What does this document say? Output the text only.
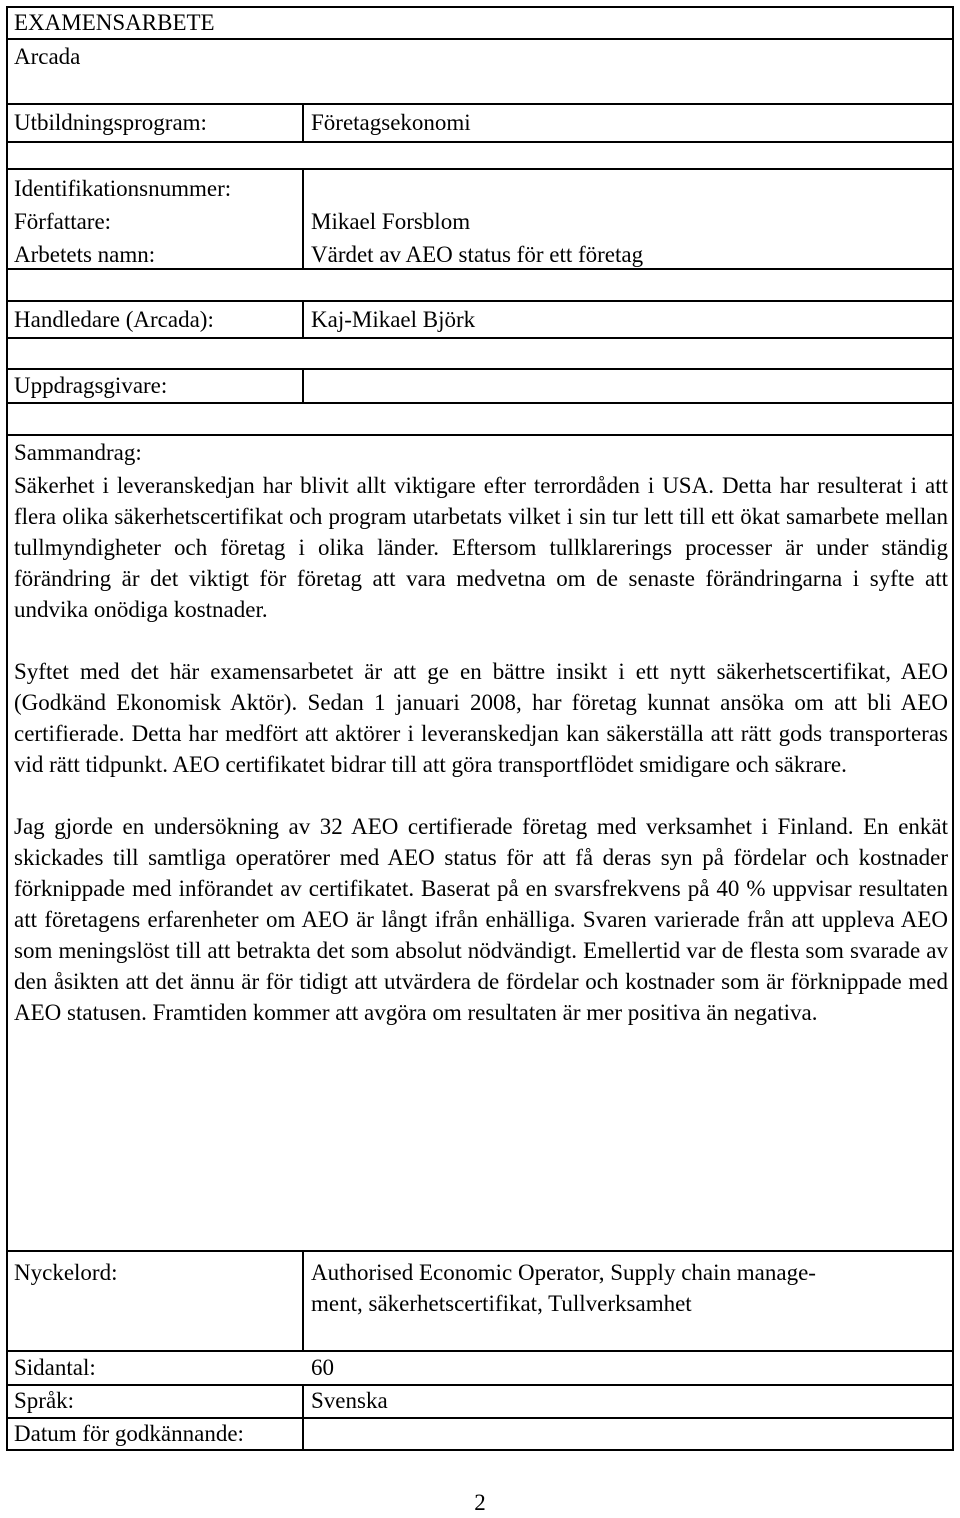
EXAMENSARBETE
Arcada
Utbildningsprogram:	Företagsekonomi
Identifikationsnummer:
Författare:	Mikael Forsblom
Arbetets namn:	Värdet av AEO status för ett företag
Handledare (Arcada):	Kaj-Mikael Björk
Uppdragsgivare:
Sammandrag:
Säkerhet i leveranskedjan har blivit allt viktigare efter terrordåden i USA. Detta har resulterat i att flera olika säkerhetscertifikat och program utarbetats vilket i sin tur lett till ett ökat samarbete mellan tullmyndigheter och företag i olika länder. Eftersom tullklarerings processer är under ständig förändring är det viktigt för företag att vara medvetna om de senaste förändringarna i syfte att undvika onödiga kostnader.
Syftet med det här examensarbetet är att ge en bättre insikt i ett nytt säkerhetscertifikat, AEO (Godkänd Ekonomisk Aktör). Sedan 1 januari 2008, har företag kunnat ansöka om att bli AEO certifierade. Detta har medfört att aktörer i leveranskedjan kan säkerställa att rätt gods transporteras vid rätt tidpunkt. AEO certifikatet bidrar till att göra transportflödet smidigare och säkrare.
Jag gjorde en undersökning av 32 AEO certifierade företag med verksamhet i Finland. En enkät skickades till samtliga operatörer med AEO status för att få deras syn på fördelar och kostnader förknippade med införandet av certifikatet. Baserat på en svarsfrekvens på 40 % uppvisar resultaten att företagens erfarenheter om AEO är långt ifrån enhälliga. Svaren varierade från att uppleva AEO som meningslöst till att betrakta det som absolut nödvändigt. Emellertid var de flesta som svarade av den åsikten att det ännu är för tidigt att utvärdera de fördelar och kostnader som är förknippade med AEO statusen. Framtiden kommer att avgöra om resultaten är mer positiva än negativa.
Nyckelord:	Authorised Economic Operator, Supply chain manage-
ment, säkerhetscertifikat, Tullverksamhet
Sidantal:	60
Språk:	Svenska
Datum för godkännande:
2
